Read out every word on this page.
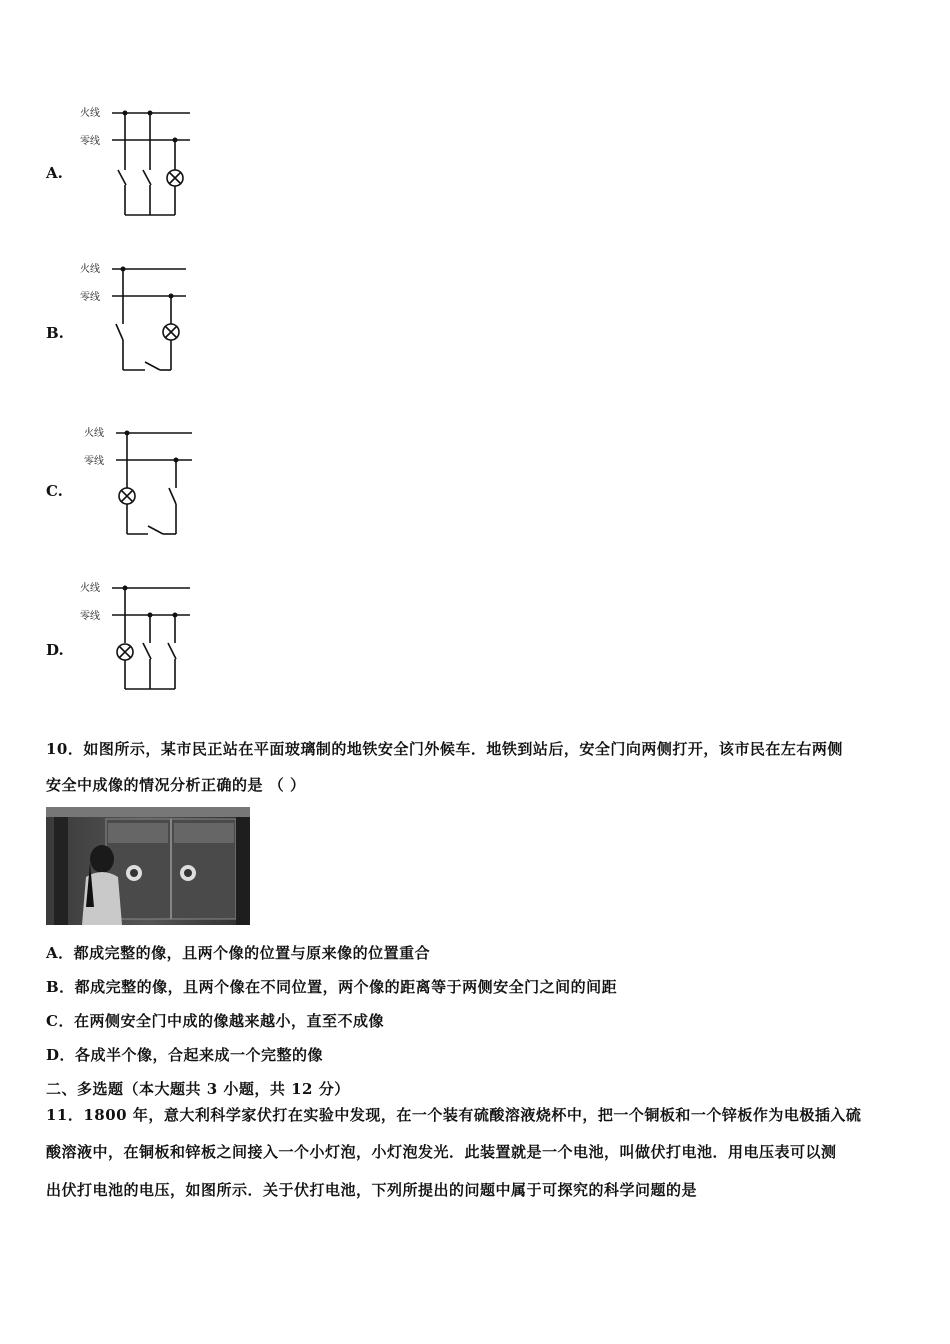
A.
火线
零线
B.
火线
零线
C.
火线
零线
D.
火线
零线
10．如图所示，某市民正站在平面玻璃制的地铁安全门外候车．地铁到站后，安全门向两侧打开，该市民在左右两侧
安全中成像的情况分析正确的是 （ ）
A．都成完整的像，且两个像的位置与原来像的位置重合
B．都成完整的像，且两个像在不同位置，两个像的距离等于两侧安全门之间的间距
C．在两侧安全门中成的像越来越小，直至不成像
D．各成半个像，合起来成一个完整的像
二、多选题（本大题共 3 小题，共 12 分）
11．1800 年，意大利科学家伏打在实验中发现，在一个装有硫酸溶液烧杯中，把一个铜板和一个锌板作为电极插入硫
酸溶液中，在铜板和锌板之间接入一个小灯泡，小灯泡发光．此装置就是一个电池，叫做伏打电池．用电压表可以测
出伏打电池的电压，如图所示．关于伏打电池，下列所提出的问题中属于可探究的科学问题的是
